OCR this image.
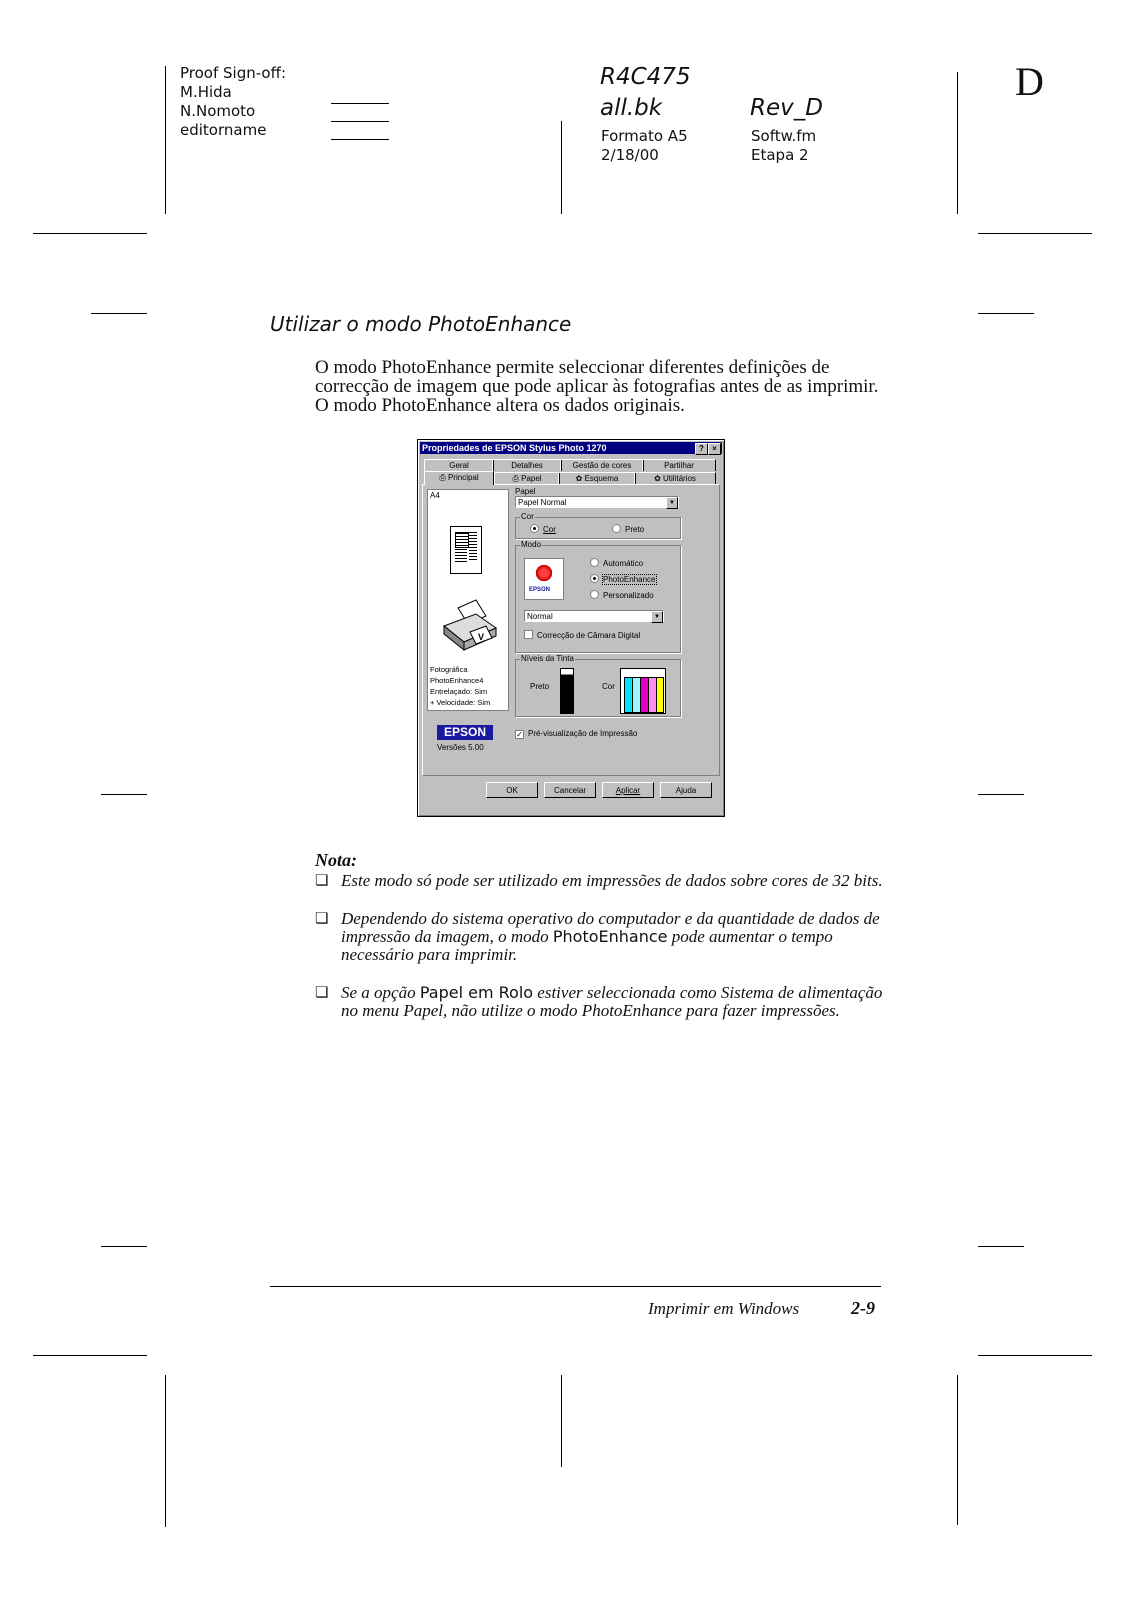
Proof Sign-off:
M.Hida
N.Nomoto
editorname
R4C475
all.bk	Rev_D
Formato A5
2/18/00
Softw.fm
Etapa 2
D
Utilizar o modo PhotoEnhance
O modo PhotoEnhance permite seleccionar diferentes definições de correcção de imagem que pode aplicar às fotografias antes de as imprimir. O modo PhotoEnhance altera os dados originais.
Propriedades de EPSON Stylus Photo 1270	?	×
Geral	Detalhes	Gestão de cores	Partilhar
⎙ Principal	⎙ Papel	✿ Esquema	✿ Utilitários
A4
V
Fotográfica
PhotoEnhance4
Entrelaçado: Sim
+ Velocidade: Sim
Papel
Papel Normal	▼
Cor
Cor	Preto
Modo
EPSON
Automático
PhotoEnhance
Personalizado
Normal	▼
Correcção de Câmara Digital
Níveis da Tinta
Preto	Cor
EPSON
Versões 5.00
✓ Pré-visualização de Impressão
OK	Cancelar	Aplicar	Ajuda
Nota:
❏ Este modo só pode ser utilizado em impressões de dados sobre cores de 32 bits.
❏ Dependendo do sistema operativo do computador e da quantidade de dados de impressão da imagem, o modo PhotoEnhance pode aumentar o tempo necessário para imprimir.
❏ Se a opção Papel em Rolo estiver seleccionada como Sistema de alimentação no menu Papel, não utilize o modo PhotoEnhance para fazer impressões.
Imprimir em Windows	2-9
